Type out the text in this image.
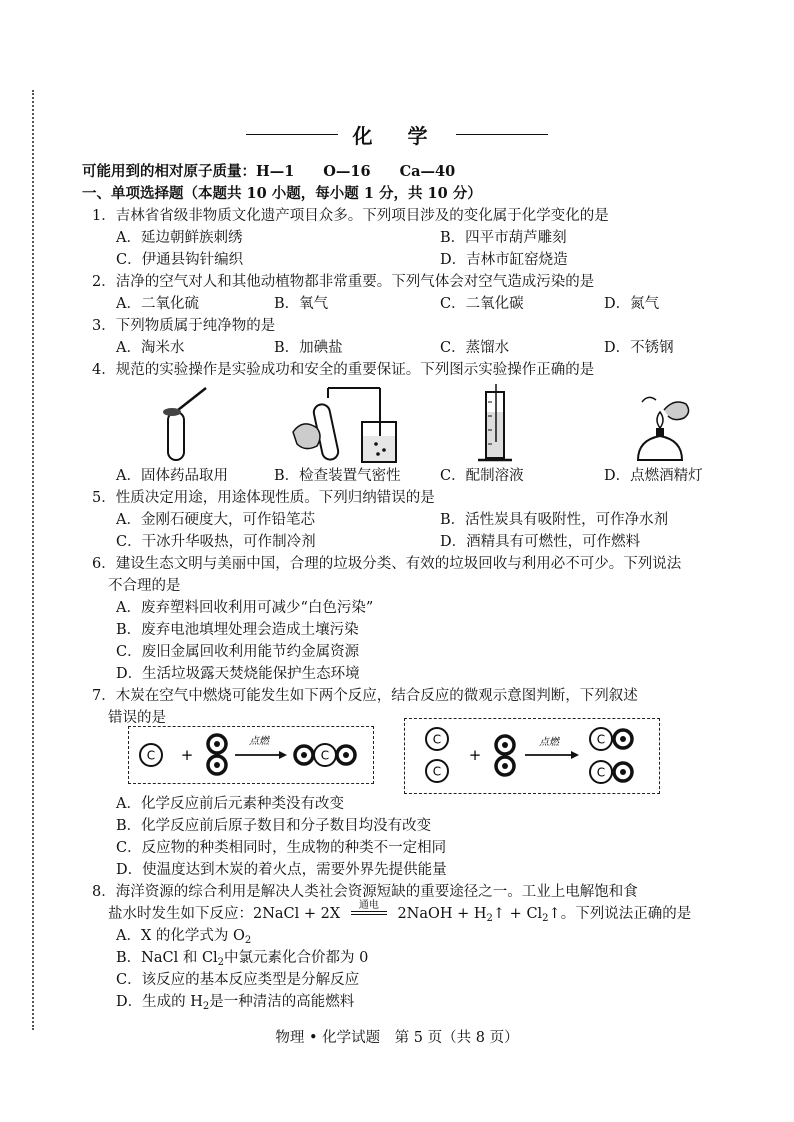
化 学
可能用到的相对原子质量：H—1　　O—16　　Ca—40
一、单项选择题（本题共 10 小题，每小题 1 分，共 10 分）
1．吉林省省级非物质文化遗产项目众多。下列项目涉及的变化属于化学变化的是
A．延边朝鲜族刺绣	B．四平市葫芦雕刻
C．伊通县钩针编织	D．吉林市缸窑烧造
2．洁净的空气对人和其他动植物都非常重要。下列气体会对空气造成污染的是
A．二氧化硫	B．氧气	C．二氧化碳	D．氮气
3．下列物质属于纯净物的是
A．淘米水	B．加碘盐	C．蒸馏水	D．不锈钢
4．规范的实验操作是实验成功和安全的重要保证。下列图示实验操作正确的是
A．固体药品取用	B．检查装置气密性	C．配制溶液	D．点燃酒精灯
5．性质决定用途，用途体现性质。下列归纳错误的是
A．金刚石硬度大，可作铅笔芯	B．活性炭具有吸附性，可作净水剂
C．干冰升华吸热，可作制冷剂	D．酒精具有可燃性，可作燃料
6．建设生态文明与美丽中国，合理的垃圾分类、有效的垃圾回收与利用必不可少。下列说法
不合理的是
A．废弃塑料回收利用可减少“白色污染”
B．废弃电池填埋处理会造成土壤污染
C．废旧金属回收利用能节约金属资源
D．生活垃圾露天焚烧能保护生态环境
7．木炭在空气中燃烧可能发生如下两个反应，结合反应的微观示意图判断，下列叙述
错误的是
C +
点燃
C
C
C
+
点燃	C
C
A．化学反应前后元素种类没有改变
B．化学反应前后原子数目和分子数目均没有改变
C．反应物的种类相同时，生成物的种类不一定相同
D．使温度达到木炭的着火点，需要外界先提供能量
8．海洋资源的综合利用是解决人类社会资源短缺的重要途径之一。工业上电解饱和食
盐水时发生如下反应：2NaCl + 2X
通电
2NaOH + $H_2↑$ + $Cl_2↑$。下列说法正确的是
A．X 的化学式为 $O_2$
B．NaCl 和 $Cl_2$中氯元素化合价都为 0
C．该反应的基本反应类型是分解反应
D．生成的 $H_2$是一种清洁的高能燃料
物理 • 化学试题　第 5 页（共 8 页）
